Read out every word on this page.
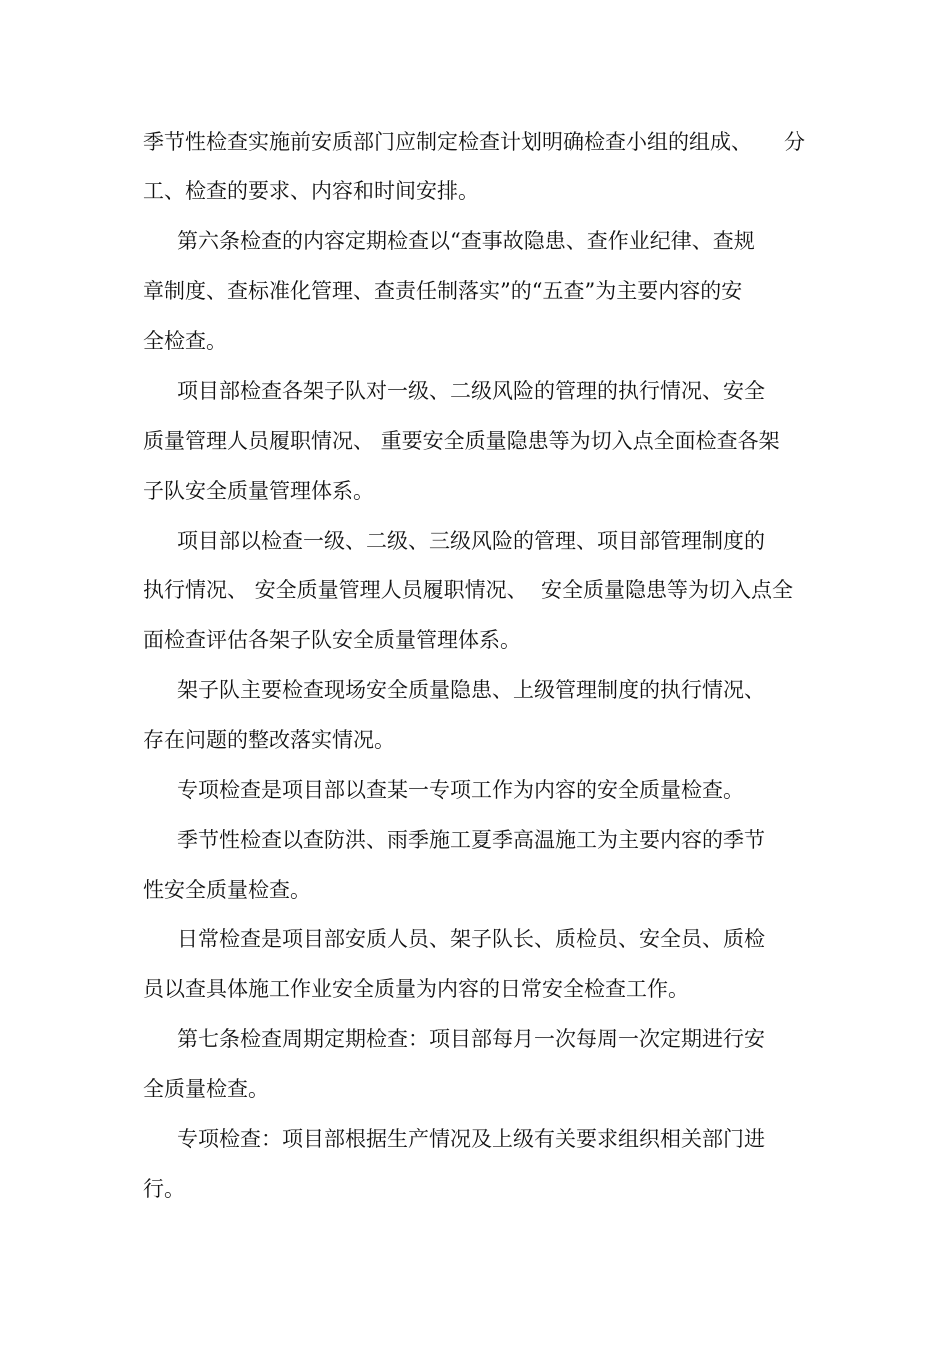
季节性检查实施前安质部门应制定检查计划明确检查小组的组成、 分
工、检查的要求、内容和时间安排。
第六条检查的内容定期检查以“查事故隐患、查作业纪律、查规
章制度、查标准化管理、查责任制落实”的“五查”为主要内容的安
全检查。
项目部检查各架子队对一级、二级风险的管理的执行情况、安全
质量管理人员履职情况、 重要安全质量隐患等为切入点全面检查各架
子队安全质量管理体系。
项目部以检查一级、二级、三级风险的管理、项目部管理制度的
执行情况、 安全质量管理人员履职情况、  安全质量隐患等为切入点全
面检查评估各架子队安全质量管理体系。
架子队主要检查现场安全质量隐患、上级管理制度的执行情况、
存在问题的整改落实情况。
专项检查是项目部以查某一专项工作为内容的安全质量检查。
季节性检查以查防洪、雨季施工夏季高温施工为主要内容的季节
性安全质量检查。
日常检查是项目部安质人员、架子队长、质检员、安全员、质检
员以查具体施工作业安全质量为内容的日常安全检查工作。
第七条检查周期定期检查：项目部每月一次每周一次定期进行安
全质量检查。
专项检查：项目部根据生产情况及上级有关要求组织相关部门进
行。
